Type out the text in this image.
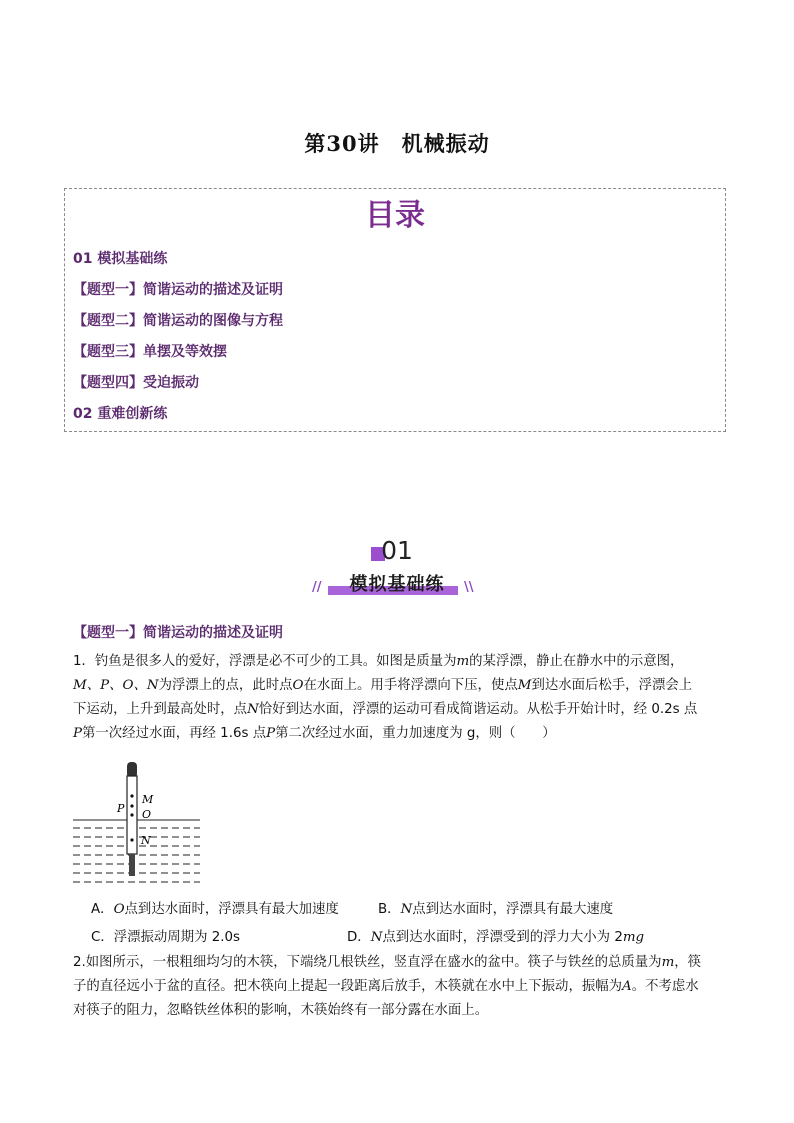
第30讲　机械振动
目录
01 模拟基础练
【题型一】简谐运动的描述及证明
【题型二】简谐运动的图像与方程
【题型三】单摆及等效摆
【题型四】受迫振动
02 重难创新练
01
//	\\
模拟基础练
【题型一】简谐运动的描述及证明
1．钓鱼是很多人的爱好，浮漂是必不可少的工具。如图是质量为m的某浮漂，静止在静水中的示意图，
M、P、O、N为浮漂上的点，此时点O在水面上。用手将浮漂向下压，使点M到达水面后松手，浮漂会上
下运动，上升到最高处时，点N恰好到达水面，浮漂的运动可看成简谐运动。从松手开始计时，经 0.2s 点
P第一次经过水面，再经 1.6s 点P第二次经过水面，重力加速度为 g，则（　　）
P
M
O
N
A．O点到达水面时，浮漂具有最大加速度	B．N点到达水面时，浮漂具有最大速度
C．浮漂振动周期为 2.0s	D．N点到达水面时，浮漂受到的浮力大小为 2mg
2.如图所示，一根粗细均匀的木筷，下端绕几根铁丝，竖直浮在盛水的盆中。筷子与铁丝的总质量为m，筷
子的直径远小于盆的直径。把木筷向上提起一段距离后放手，木筷就在水中上下振动，振幅为A。不考虑水
对筷子的阻力，忽略铁丝体积的影响，木筷始终有一部分露在水面上。
